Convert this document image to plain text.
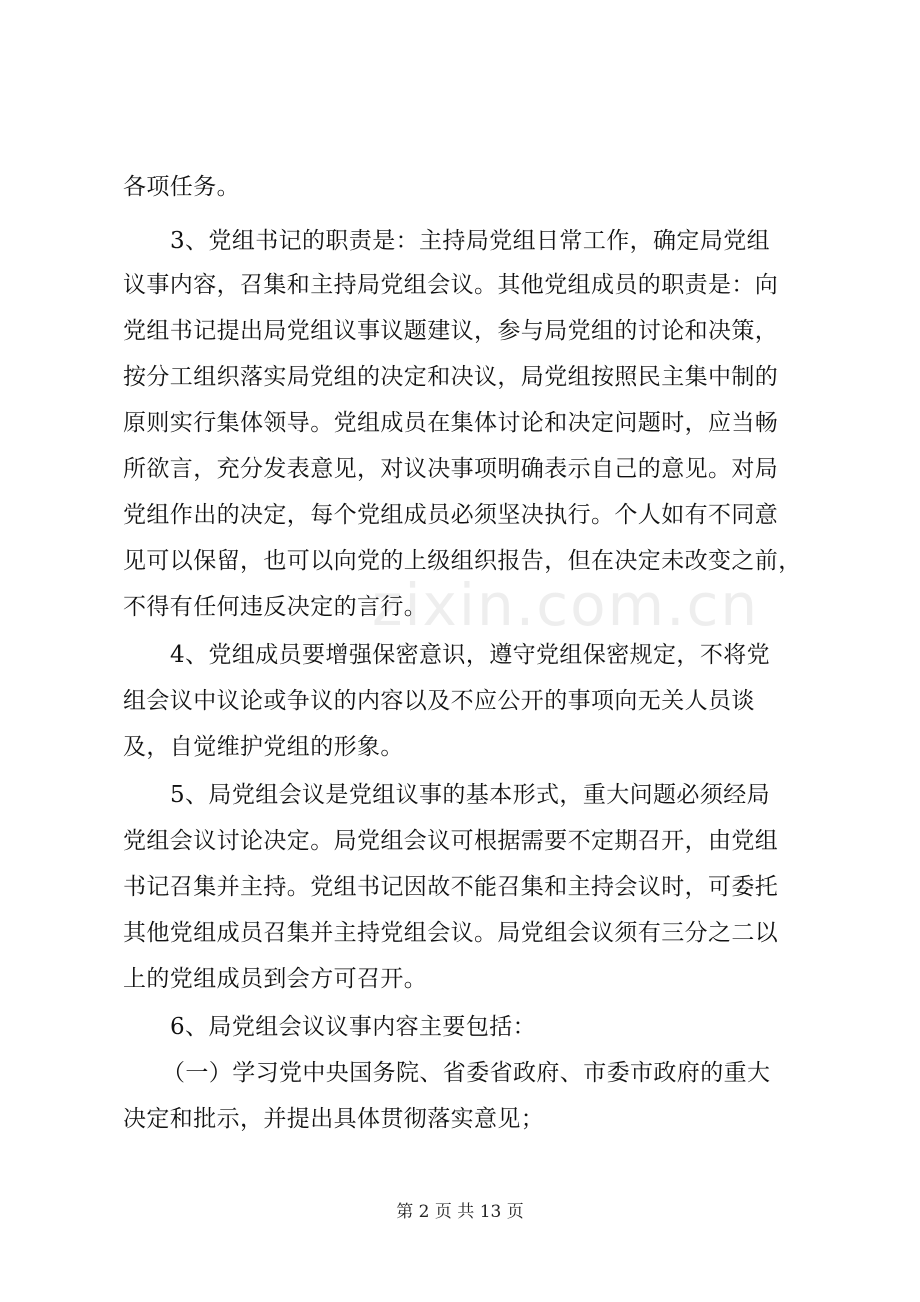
zixin.com.cn
各项任务。
3、党组书记的职责是：主持局党组日常工作，确定局党组
议事内容，召集和主持局党组会议。其他党组成员的职责是：向
党组书记提出局党组议事议题建议，参与局党组的讨论和决策，
按分工组织落实局党组的决定和决议，局党组按照民主集中制的
原则实行集体领导。党组成员在集体讨论和决定问题时，应当畅
所欲言，充分发表意见，对议决事项明确表示自己的意见。对局
党组作出的决定，每个党组成员必须坚决执行。个人如有不同意
见可以保留，也可以向党的上级组织报告，但在决定未改变之前，
不得有任何违反决定的言行。
4、党组成员要增强保密意识，遵守党组保密规定，不将党
组会议中议论或争议的内容以及不应公开的事项向无关人员谈
及，自觉维护党组的形象。
5、局党组会议是党组议事的基本形式，重大问题必须经局
党组会议讨论决定。局党组会议可根据需要不定期召开，由党组
书记召集并主持。党组书记因故不能召集和主持会议时，可委托
其他党组成员召集并主持党组会议。局党组会议须有三分之二以
上的党组成员到会方可召开。
6、局党组会议议事内容主要包括：
（一）学习党中央国务院、省委省政府、市委市政府的重大
决定和批示，并提出具体贯彻落实意见；
第 2 页 共 13 页
